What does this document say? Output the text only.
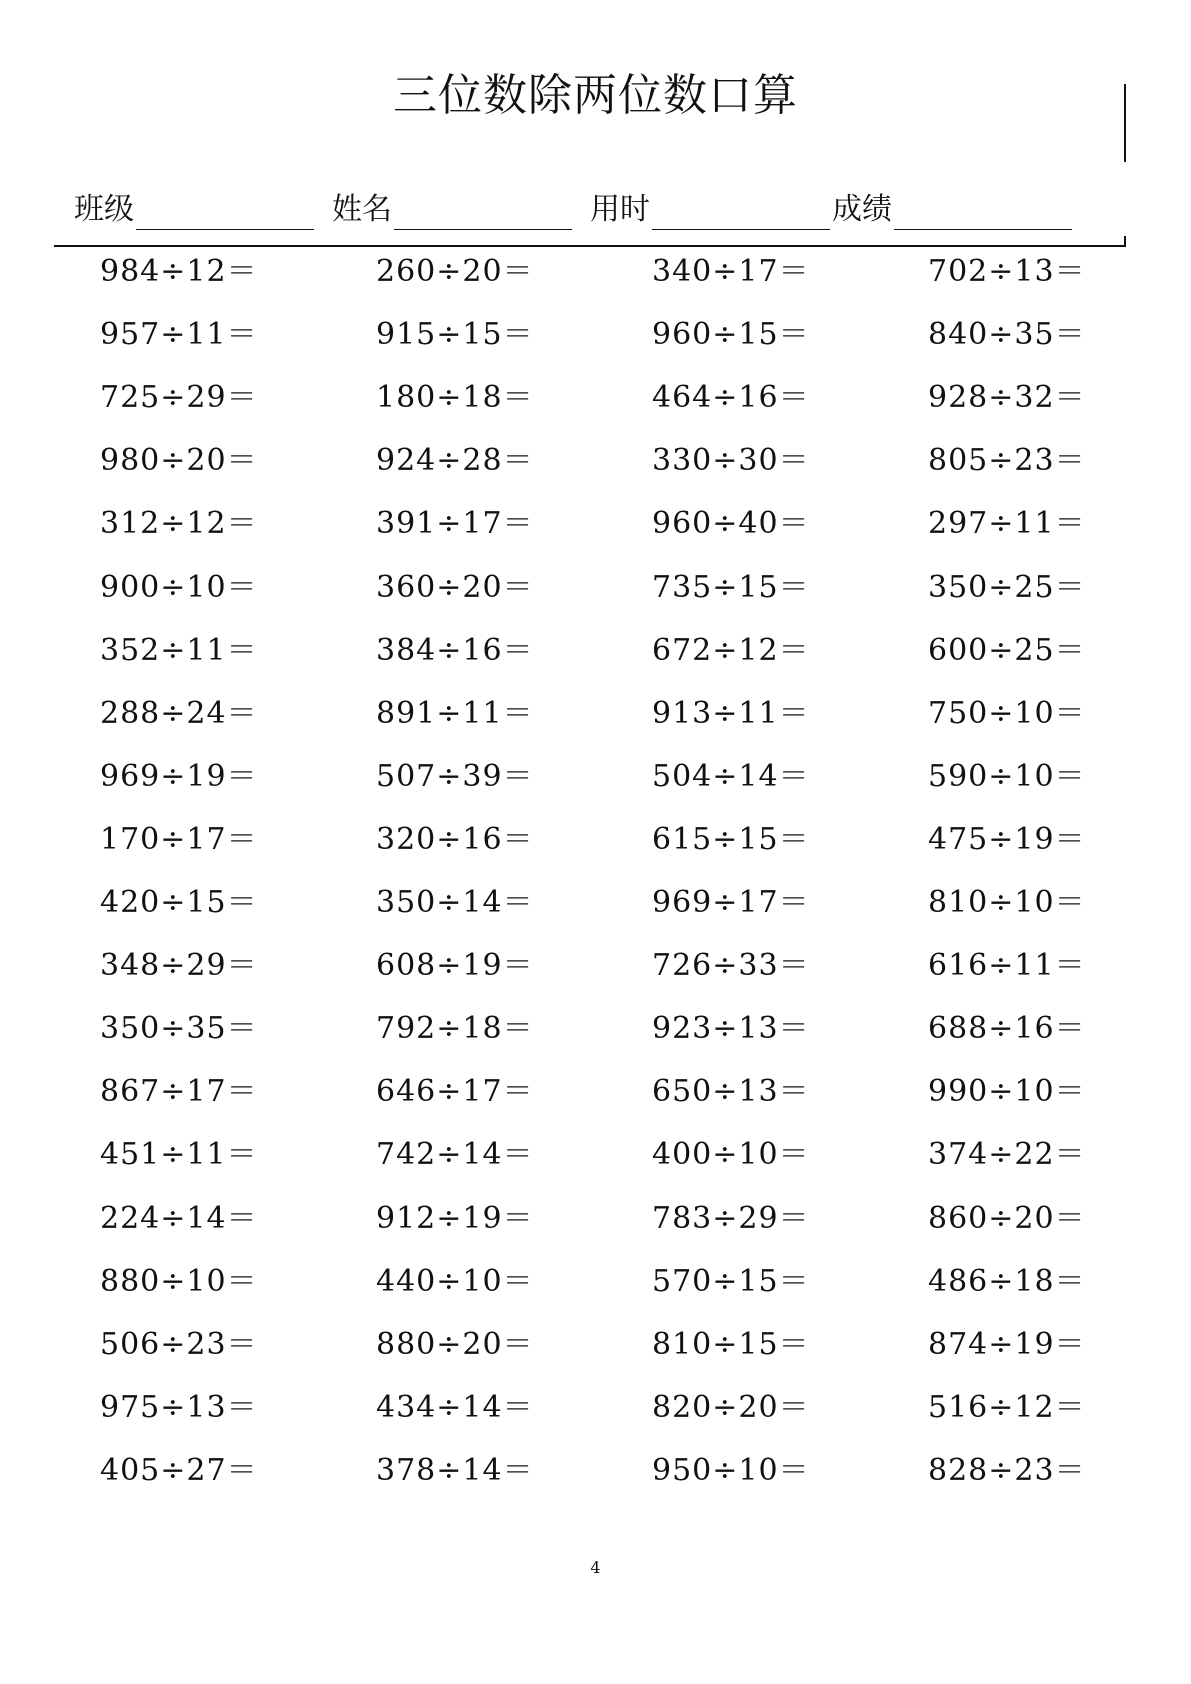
三位数除两位数口算
班级	姓名	用时	成绩
984÷12＝	260÷20＝	340÷17＝	702÷13＝
957÷11＝	915÷15＝	960÷15＝	840÷35＝
725÷29＝	180÷18＝	464÷16＝	928÷32＝
980÷20＝	924÷28＝	330÷30＝	805÷23＝
312÷12＝	391÷17＝	960÷40＝	297÷11＝
900÷10＝	360÷20＝	735÷15＝	350÷25＝
352÷11＝	384÷16＝	672÷12＝	600÷25＝
288÷24＝	891÷11＝	913÷11＝	750÷10＝
969÷19＝	507÷39＝	504÷14＝	590÷10＝
170÷17＝	320÷16＝	615÷15＝	475÷19＝
420÷15＝	350÷14＝	969÷17＝	810÷10＝
348÷29＝	608÷19＝	726÷33＝	616÷11＝
350÷35＝	792÷18＝	923÷13＝	688÷16＝
867÷17＝	646÷17＝	650÷13＝	990÷10＝
451÷11＝	742÷14＝	400÷10＝	374÷22＝
224÷14＝	912÷19＝	783÷29＝	860÷20＝
880÷10＝	440÷10＝	570÷15＝	486÷18＝
506÷23＝	880÷20＝	810÷15＝	874÷19＝
975÷13＝	434÷14＝	820÷20＝	516÷12＝
405÷27＝	378÷14＝	950÷10＝	828÷23＝
4
